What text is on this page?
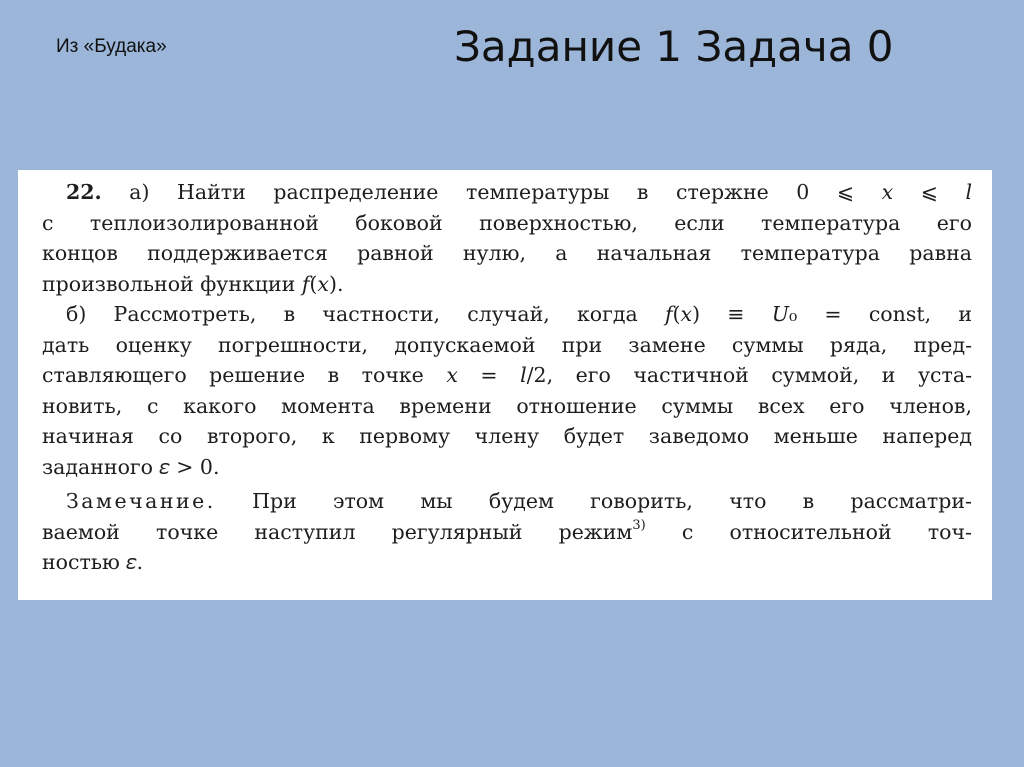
Из «Будака»	Задание 1 Задача 0
22. а) Найти распределение температуры в стержне 0 ⩽ 𝑥 ⩽ 𝑙
с теплоизолированной боковой поверхностью, если температура его
концов поддерживается равной нулю, а начальная температура равна
произвольной функции 𝑓(𝑥).
б) Рассмотреть, в частности, случай, когда 𝑓(𝑥) ≡ 𝑈₀ = const, и
дать оценку погрешности, допускаемой при замене суммы ряда, пред-
ставляющего решение в точке 𝑥 = 𝑙/2, его частичной суммой, и уста-
новить, с какого момента времени отношение суммы всех его членов,
начиная со второго, к первому члену будет заведомо меньше наперед
заданного 𝜀 > 0.
Замечание. При этом мы будем говорить, что в рассматри-
ваемой точке наступил регулярный режим$^{3)}$ с относительной точ-
ностью 𝜀.
